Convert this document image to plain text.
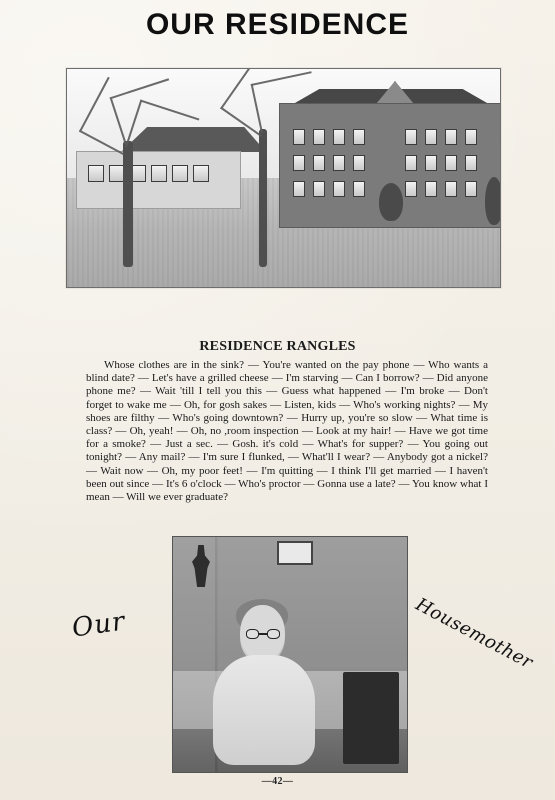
OUR RESIDENCE
RESIDENCE RANGLES

Whose clothes are in the sink? — You're wanted on the pay phone — Who wants a blind date? — Let's have a grilled cheese — I'm starving — Can I borrow? — Did anyone phone me? — Wait 'till I tell you this — Guess what happened — I'm broke — Don't forget to wake me — Oh, for gosh sakes — Listen, kids — Who's working nights? — My shoes are filthy — Who's going downtown? — Hurry up, you're so slow — What time is class? — Oh, yeah! — Oh, no ,room inspection — Look at my hair! — Have we got time for a smoke? — Just a sec. — Gosh. it's cold — What's for supper? — You going out tonight? — Any mail? — I'm sure I flunked, — What'll I wear? — Anybody got a nickel? — Wait now — Oh, my poor feet! — I'm quitting — I think I'll get married — I haven't been out since — It's 6 o'clock — Who's proctor — Gonna use a late? — You know what I mean — Will we ever graduate?

Our	Housemother
—42—
